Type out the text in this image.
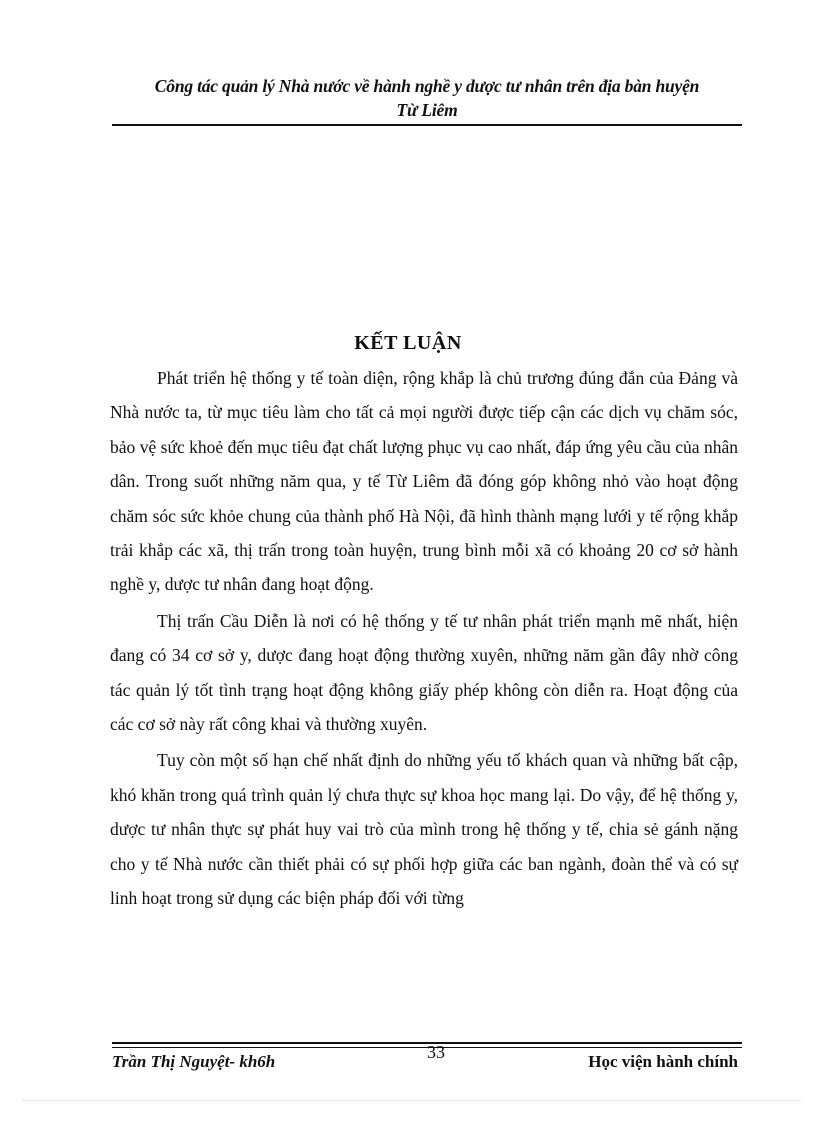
Công tác quản lý Nhà nước về hành nghề y dược tư nhân trên địa bàn huyện
Từ Liêm
KẾT LUẬN

Phát triển hệ thống y tế toàn diện, rộng khắp là chủ trương đúng đắn của Đảng và Nhà nước ta, từ mục tiêu làm cho tất cả mọi người được tiếp cận các dịch vụ chăm sóc, bảo vệ sức khoẻ đến mục tiêu đạt chất lượng phục vụ cao nhất, đáp ứng yêu cầu của nhân dân. Trong suốt những năm qua, y tế Từ Liêm đã đóng góp không nhỏ vào hoạt động chăm sóc sức khỏe chung của thành phố Hà Nội, đã hình thành mạng lưới y tế rộng khắp trải khắp các xã, thị trấn trong toàn huyện, trung bình mỗi xã có khoảng 20 cơ sở hành nghề y, dược tư nhân đang hoạt động.

Thị trấn Cầu Diễn là nơi có hệ thống y tế tư nhân phát triển mạnh mẽ nhất, hiện đang có 34 cơ sở y, dược đang hoạt động thường xuyên, những năm gần đây nhờ công tác quản lý tốt tình trạng hoạt động không giấy phép không còn diễn ra. Hoạt động của các cơ sở này rất công khai và thường xuyên.

Tuy còn một số hạn chế nhất định do những yếu tố khách quan và những bất cập, khó khăn trong quá trình quản lý chưa thực sự khoa học mang lại. Do vậy, để hệ thống y, dược tư nhân thực sự phát huy vai trò của mình trong hệ thống y tế, chia sẻ gánh nặng cho y tế Nhà nước cần thiết phải có sự phối hợp giữa các ban ngành, đoàn thể và có sự linh hoạt trong sử dụng các biện pháp đối với từng

Trần Thị Nguyệt- kh6h	33	Học viện hành chính
